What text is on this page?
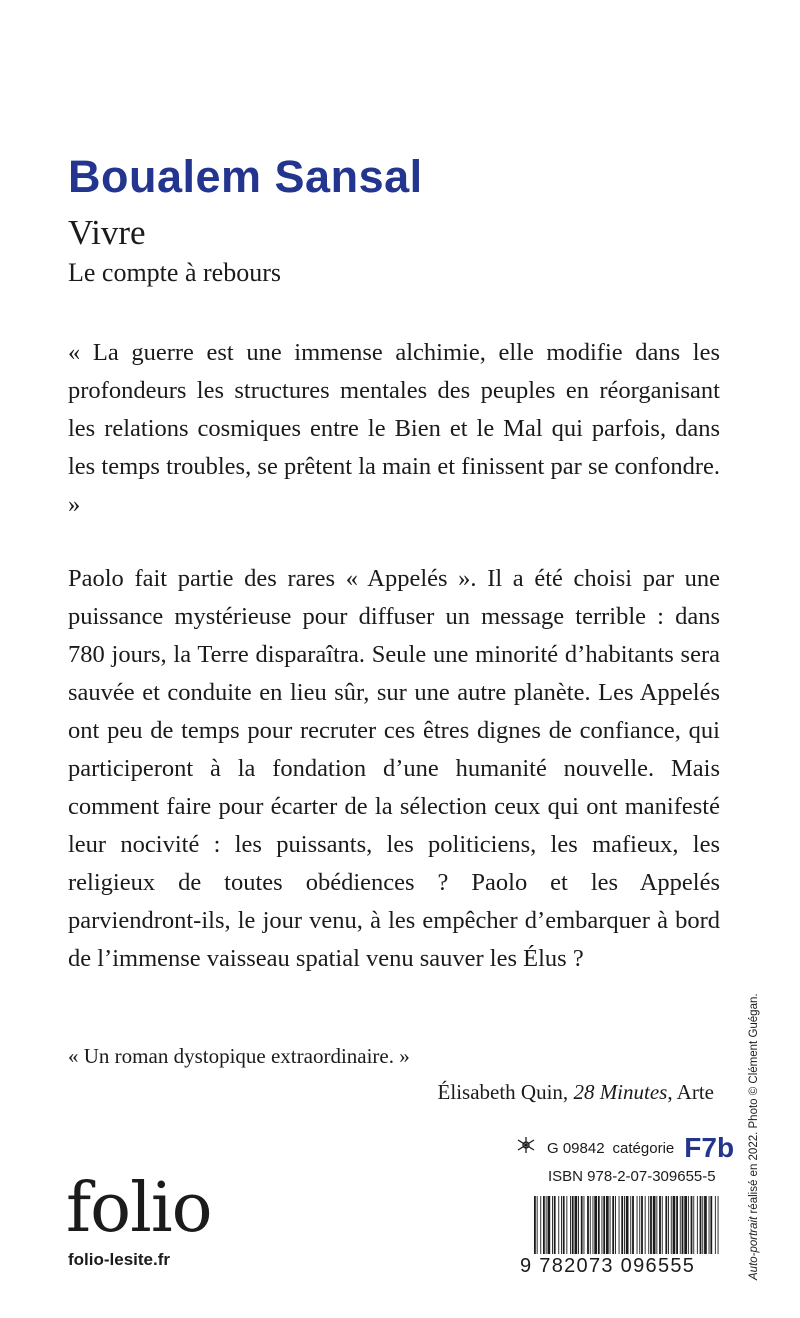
Boualem Sansal
Vivre
Le compte à rebours

« La guerre est une immense alchimie, elle modifie dans les profondeurs les structures mentales des peuples en réorganisant les relations cosmiques entre le Bien et le Mal qui parfois, dans les temps troubles, se prêtent la main et finissent par se confondre. »

Paolo fait partie des rares « Appelés ». Il a été choisi par une puissance mystérieuse pour diffuser un message terrible : dans 780 jours, la Terre disparaîtra. Seule une minorité d’habitants sera sauvée et conduite en lieu sûr, sur une autre planète. Les Appelés ont peu de temps pour recruter ces êtres dignes de confiance, qui participeront à la fondation d’une humanité nouvelle. Mais comment faire pour écarter de la sélection ceux qui ont manifesté leur nocivité : les puissants, les politiciens, les mafieux, les religieux de toutes obédiences ? Paolo et les Appelés parviendront-ils, le jour venu, à les empêcher d’embarquer à bord de l’immense vaisseau spatial venu sauver les Élus ?

« Un roman dystopique extraordinaire. »

Élisabeth Quin, 28 Minutes, Arte

G 09842 catégorie F7b
ISBN 978-2-07-309655-5

folio

folio-lesite.fr	9 782073 096555	Auto-portrait réalisé en 2022. Photo © Clément Guégan.
